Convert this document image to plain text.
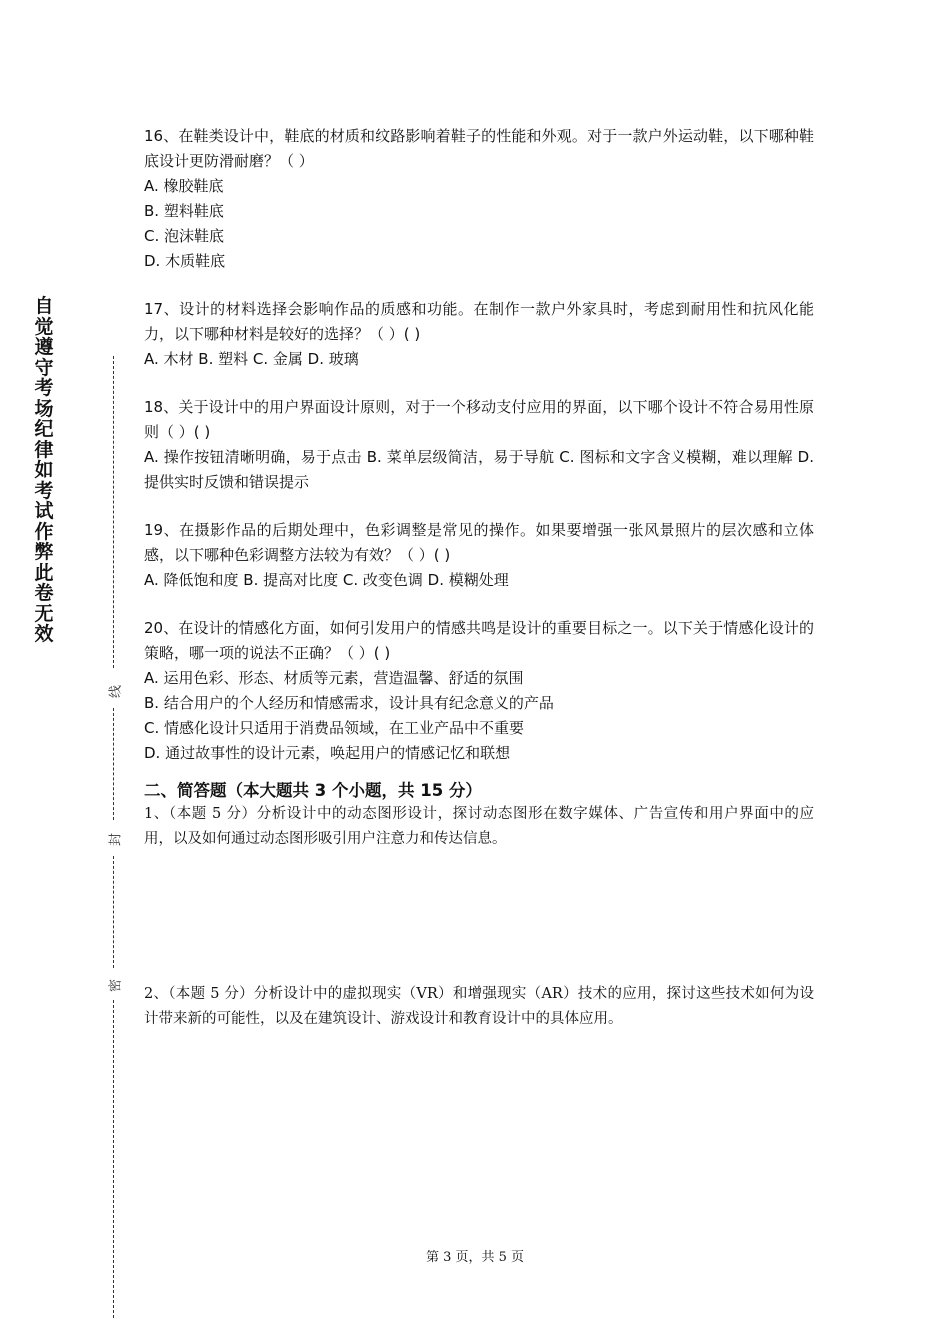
自觉遵守考场纪律如考试作弊此卷无效
线
封
密

16、在鞋类设计中，鞋底的材质和纹路影响着鞋子的性能和外观。对于一款户外运动鞋，以下哪种鞋底设计更防滑耐磨？（ ）

A. 橡胶鞋底

B. 塑料鞋底

C. 泡沫鞋底

D. 木质鞋底

17、设计的材料选择会影响作品的质感和功能。在制作一款户外家具时，考虑到耐用性和抗风化能力，以下哪种材料是较好的选择？（ ）( )

A. 木材 B. 塑料 C. 金属 D. 玻璃

18、关于设计中的用户界面设计原则，对于一个移动支付应用的界面，以下哪个设计不符合易用性原则（ ）( )

A. 操作按钮清晰明确，易于点击 B. 菜单层级简洁，易于导航 C. 图标和文字含义模糊，难以理解 D. 提供实时反馈和错误提示

19、在摄影作品的后期处理中，色彩调整是常见的操作。如果要增强一张风景照片的层次感和立体感，以下哪种色彩调整方法较为有效？（ ）( )

A. 降低饱和度 B. 提高对比度 C. 改变色调 D. 模糊处理

20、在设计的情感化方面，如何引发用户的情感共鸣是设计的重要目标之一。以下关于情感化设计的策略，哪一项的说法不正确？（ ）( )

A. 运用色彩、形态、材质等元素，营造温馨、舒适的氛围

B. 结合用户的个人经历和情感需求，设计具有纪念意义的产品

C. 情感化设计只适用于消费品领域，在工业产品中不重要

D. 通过故事性的设计元素，唤起用户的情感记忆和联想

二、简答题（本大题共 3 个小题，共 15 分）

1、（本题 5 分）分析设计中的动态图形设计，探讨动态图形在数字媒体、广告宣传和用户界面中的应用，以及如何通过动态图形吸引用户注意力和传达信息。

2、（本题 5 分）分析设计中的虚拟现实（VR）和增强现实（AR）技术的应用，探讨这些技术如何为设计带来新的可能性，以及在建筑设计、游戏设计和教育设计中的具体应用。

第 3 页，共 5 页
